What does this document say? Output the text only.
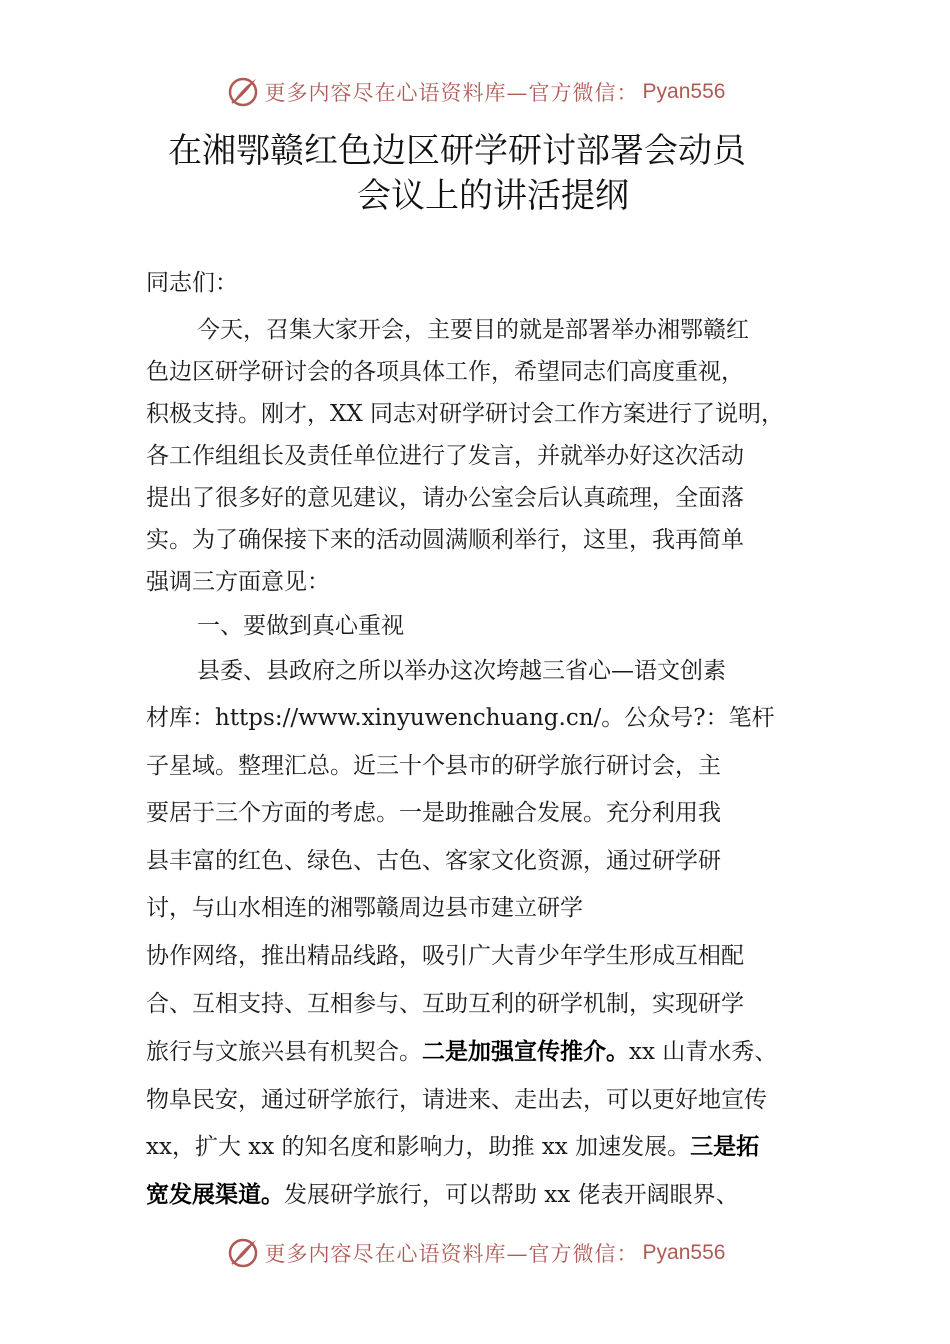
更多内容尽在心语资料库—官方微信： Pyan556
在湘鄂赣红色边区研学研讨部署会动员
会议上的讲活提纲
同志们：
今天，召集大家开会，主要目的就是部署举办湘鄂赣红
色边区研学研讨会的各项具体工作，希望同志们高度重视，
积极支持。刚才，XX 同志对研学研讨会工作方案进行了说明，
各工作组组长及责任单位进行了发言，并就举办好这次活动
提出了很多好的意见建议，请办公室会后认真疏理，全面落
实。为了确保接下来的活动圆满顺利举行，这里，我再简单
强调三方面意见：
一、要做到真心重视
县委、县政府之所以举办这次垮越三省心—语文创素
材库：https://www.xinyuwenchuang.cn/。公众号?：笔杆
子星域。整理汇总。近三十个县市的研学旅行研讨会，主
要居于三个方面的考虑。一是助推融合发展。充分利用我
县丰富的红色、绿色、古色、客家文化资源，通过研学研
讨，与山水相连的湘鄂赣周边县市建立研学
协作网络，推出精品线路，吸引广大青少年学生形成互相配
合、互相支持、互相参与、互助互利的研学机制，实现研学
旅行与文旅兴县有机契合。二是加强宣传推介。xx 山青水秀、
物阜民安，通过研学旅行，请进来、走出去，可以更好地宣传
xx，扩大 xx 的知名度和影响力，助推 xx 加速发展。三是拓
宽发展渠道。发展研学旅行，可以帮助 xx 佬表开阔眼界、
更多内容尽在心语资料库—官方微信： Pyan556
